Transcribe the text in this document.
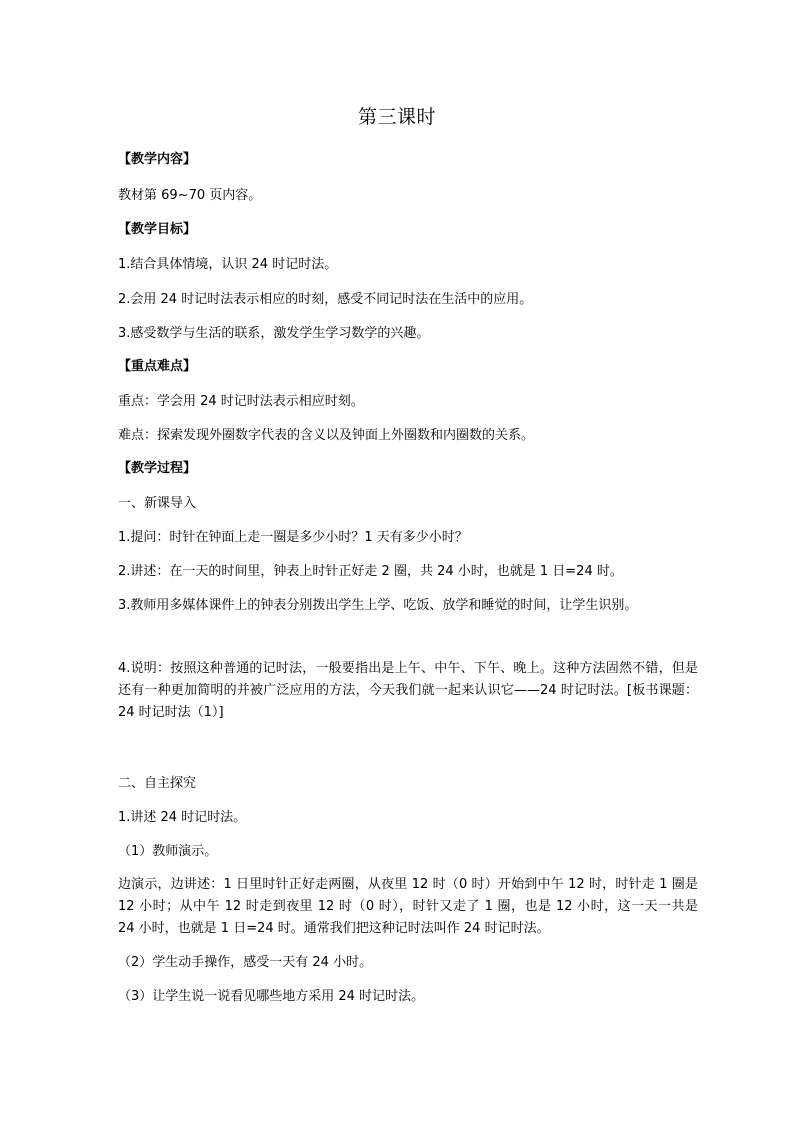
第三课时
【教学内容】
教材第 69~70 页内容。
【教学目标】
1.结合具体情境，认识 24 时记时法。
2.会用 24 时记时法表示相应的时刻，感受不同记时法在生活中的应用。
3.感受数学与生活的联系，激发学生学习数学的兴趣。
【重点难点】
重点：学会用 24 时记时法表示相应时刻。
难点：探索发现外圈数字代表的含义以及钟面上外圈数和内圈数的关系。
【教学过程】
一、新课导入
1.提问：时针在钟面上走一圈是多少小时？1 天有多少小时？
2.讲述：在一天的时间里，钟表上时针正好走 2 圈，共 24 小时，也就是 1 日=24 时。
3.教师用多媒体课件上的钟表分别拨出学生上学、吃饭、放学和睡觉的时间，让学生识别。
4.说明：按照这种普通的记时法，一般要指出是上午、中午、下午、晚上。这种方法固然不错，但是还有一种更加简明的并被广泛应用的方法，今天我们就一起来认识它——24 时记时法。[板书课题：24 时记时法（1）]
二、自主探究
1.讲述 24 时记时法。
（1）教师演示。
边演示，边讲述：1 日里时针正好走两圈，从夜里 12 时（0 时）开始到中午 12 时，时针走 1 圈是 12 小时；从中午 12 时走到夜里 12 时（0 时），时针又走了 1 圈，也是 12 小时，这一天一共是 24 小时，也就是 1 日=24 时。通常我们把这种记时法叫作 24 时记时法。
（2）学生动手操作，感受一天有 24 小时。
（3）让学生说一说看见哪些地方采用 24 时记时法。
